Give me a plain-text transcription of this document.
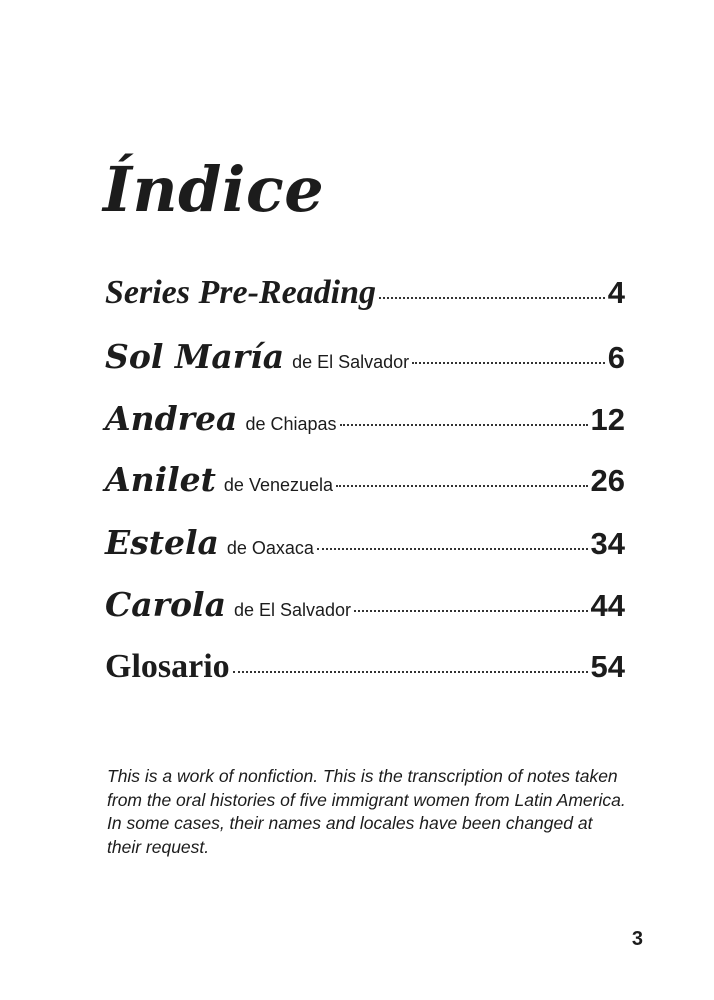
Índice
Series Pre-Reading	4
Sol María de El Salvador	6
Andrea de Chiapas	12
Anilet de Venezuela	26
Estela de Oaxaca	34
Carola de El Salvador	44
Glosario	54

This is a work of nonfiction. This is the transcription of notes taken from the oral histories of five immigrant women from Latin America. In some cases, their names and locales have been changed at their request.

3
